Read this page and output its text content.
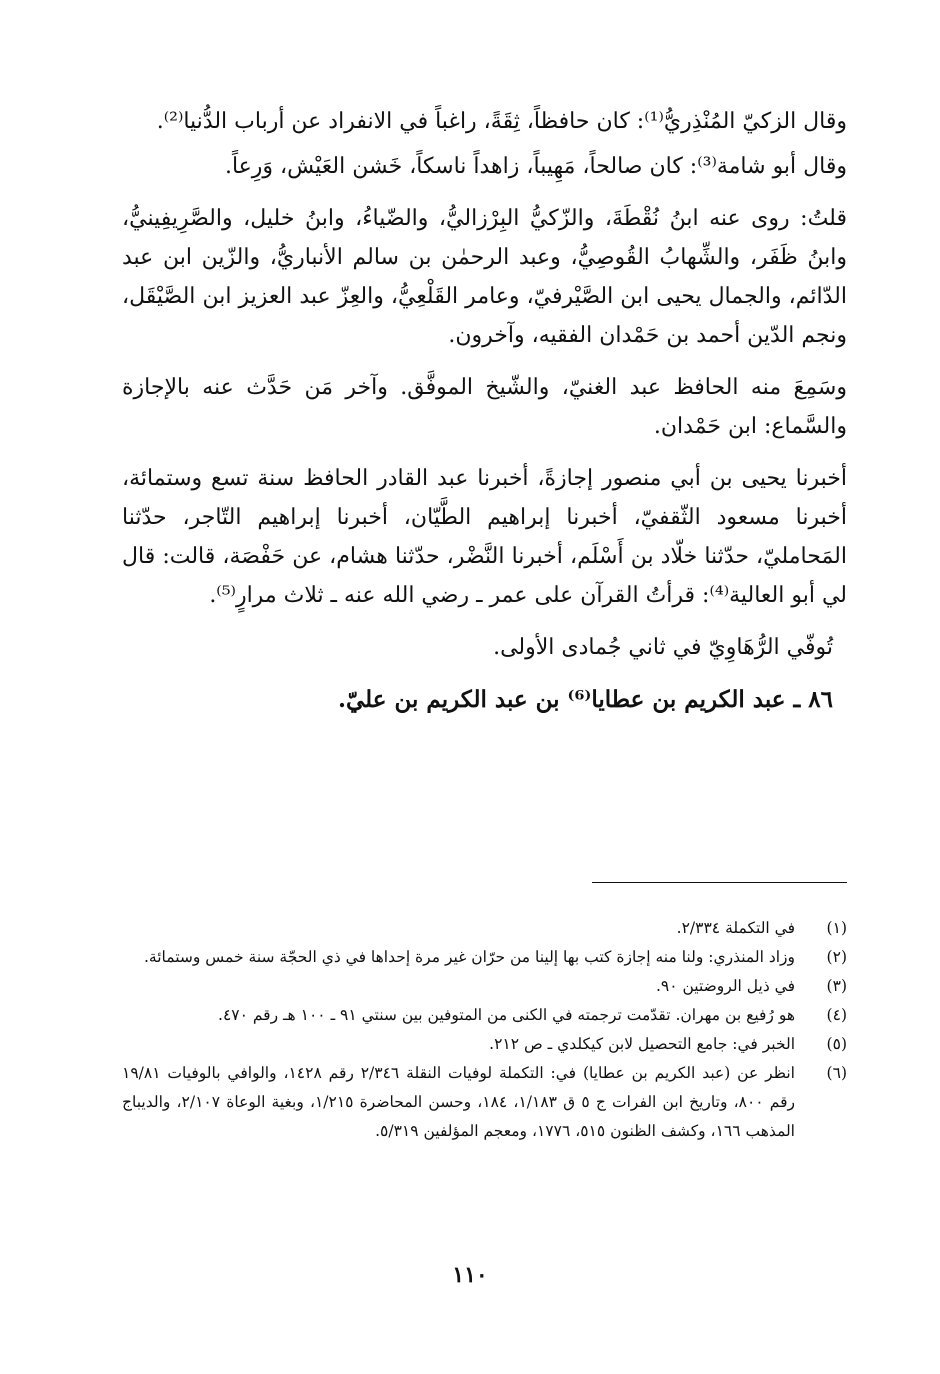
وقال الزكيّ المُنْذِريُّ⁽¹⁾: كان حافظاً، ثِقَةً، راغباً في الانفراد عن أرباب الدُّنيا⁽²⁾.

وقال أبو شامة⁽³⁾: كان صالحاً، مَهِيباً، زاهداً ناسكاً، خَشن العَيْش، وَرِعاً.

قلتُ: روى عنه ابنُ نُقْطَةَ، والزّكيُّ البِرْزاليُّ، والضّياءُ، وابنُ خليل، والصَّرِيفِينيُّ، وابنُ ظَفَر، والشِّهابُ القُوصِيُّ، وعبد الرحمٰن بن سالم الأنباريُّ، والزّين ابن عبد الدّائم، والجمال يحيى ابن الصَّيْرفيّ، وعامر القَلْعِيُّ، والعِزّ عبد العزيز ابن الصَّيْقَل، ونجم الدّين أحمد بن حَمْدان الفقيه، وآخرون.

وسَمِعَ منه الحافظ عبد الغنيّ، والشّيخ الموفَّق. وآخر مَن حَدَّث عنه بالإجازة والسَّماع: ابن حَمْدان.

أخبرنا يحيى بن أبي منصور إجازةً، أخبرنا عبد القادر الحافظ سنة تسع وستمائة، أخبرنا مسعود الثّقفيّ، أخبرنا إبراهيم الطَّيّان، أخبرنا إبراهيم التّاجر، حدّثنا المَحامليّ، حدّثنا خلّاد بن أَسْلَم، أخبرنا النَّضْر، حدّثنا هشام، عن حَفْصَة، قالت: قال لي أبو العالية⁽⁴⁾: قرأتُ القرآن على عمر ـ رضي الله عنه ـ ثلاث مرارٍ⁽⁵⁾.

تُوفّي الرُّهَاوِيّ في ثاني جُمادى الأولى.

٨٦ ـ عبد الكريم بن عطايا⁽⁶⁾ بن عبد الكريم بن عليّ.

(١)
في التكملة ٢/٣٣٤.
(٢)
وزاد المنذري: ولنا منه إجازة كتب بها إلينا من حرّان غير مرة إحداها في ذي الحجّة سنة خمس وستمائة.
(٣)
في ذيل الروضتين ٩٠.
(٤)
هو رُفيع بن مهران. تقدّمت ترجمته في الكنى من المتوفين بين سنتي ٩١ ـ ١٠٠ هـ رقم ٤٧٠.
(٥)
الخبر في: جامع التحصيل لابن كيكلدي ـ ص ٢١٢.
(٦)
انظر عن (عبد الكريم بن عطايا) في: التكملة لوفيات النقلة ٢/٣٤٦ رقم ١٤٢٨، والوافي بالوفيات ١٩/٨١ رقم ٨٠٠، وتاريخ ابن الفرات ج ٥ ق ١/١٨٣، ١٨٤، وحسن المحاضرة ١/٢١٥، وبغية الوعاة ٢/١٠٧، والديباج المذهب ١٦٦، وكشف الظنون ٥١٥، ١٧٧٦، ومعجم المؤلفين ٥/٣١٩.
١١٠
